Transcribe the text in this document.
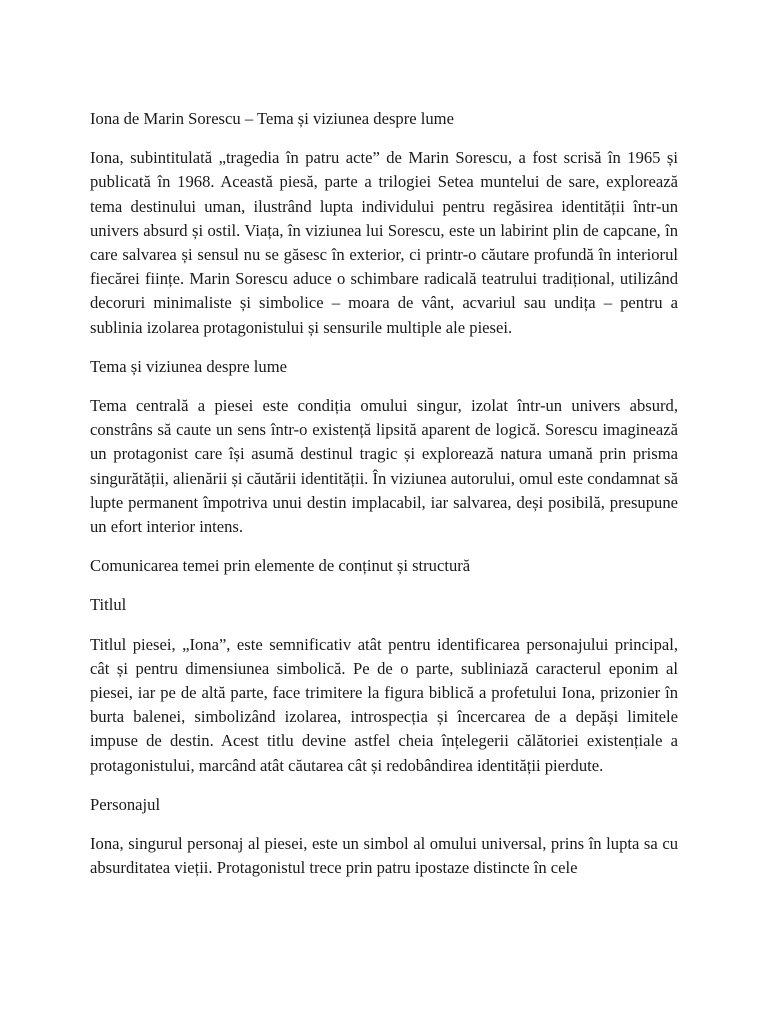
Iona de Marin Sorescu – Tema și viziunea despre lume

Iona, subintitulată „tragedia în patru acte” de Marin Sorescu, a fost scrisă în 1965 și publicată în 1968. Această piesă, parte a trilogiei Setea muntelui de sare, explorează tema destinului uman, ilustrând lupta individului pentru regăsirea identității într-un univers absurd și ostil. Viața, în viziunea lui Sorescu, este un labirint plin de capcane, în care salvarea și sensul nu se găsesc în exterior, ci printr-o căutare profundă în interiorul fiecărei ființe. Marin Sorescu aduce o schimbare radicală teatrului tradițional, utilizând decoruri minimaliste și simbolice – moara de vânt, acvariul sau undița – pentru a sublinia izolarea protagonistului și sensurile multiple ale piesei.

Tema și viziunea despre lume

Tema centrală a piesei este condiția omului singur, izolat într-un univers absurd, constrâns să caute un sens într-o existență lipsită aparent de logică. Sorescu imaginează un protagonist care își asumă destinul tragic și explorează natura umană prin prisma singurătății, alienării și căutării identității. În viziunea autorului, omul este condamnat să lupte permanent împotriva unui destin implacabil, iar salvarea, deși posibilă, presupune un efort interior intens.

Comunicarea temei prin elemente de conținut și structură

Titlul

Titlul piesei, „Iona”, este semnificativ atât pentru identificarea personajului principal, cât și pentru dimensiunea simbolică. Pe de o parte, subliniază caracterul eponim al piesei, iar pe de altă parte, face trimitere la figura biblică a profetului Iona, prizonier în burta balenei, simbolizând izolarea, introspecția și încercarea de a depăși limitele impuse de destin. Acest titlu devine astfel cheia înțelegerii călătoriei existențiale a protagonistului, marcând atât căutarea cât și redobândirea identității pierdute.

Personajul

Iona, singurul personaj al piesei, este un simbol al omului universal, prins în lupta sa cu absurditatea vieții. Protagonistul trece prin patru ipostaze distincte în cele
